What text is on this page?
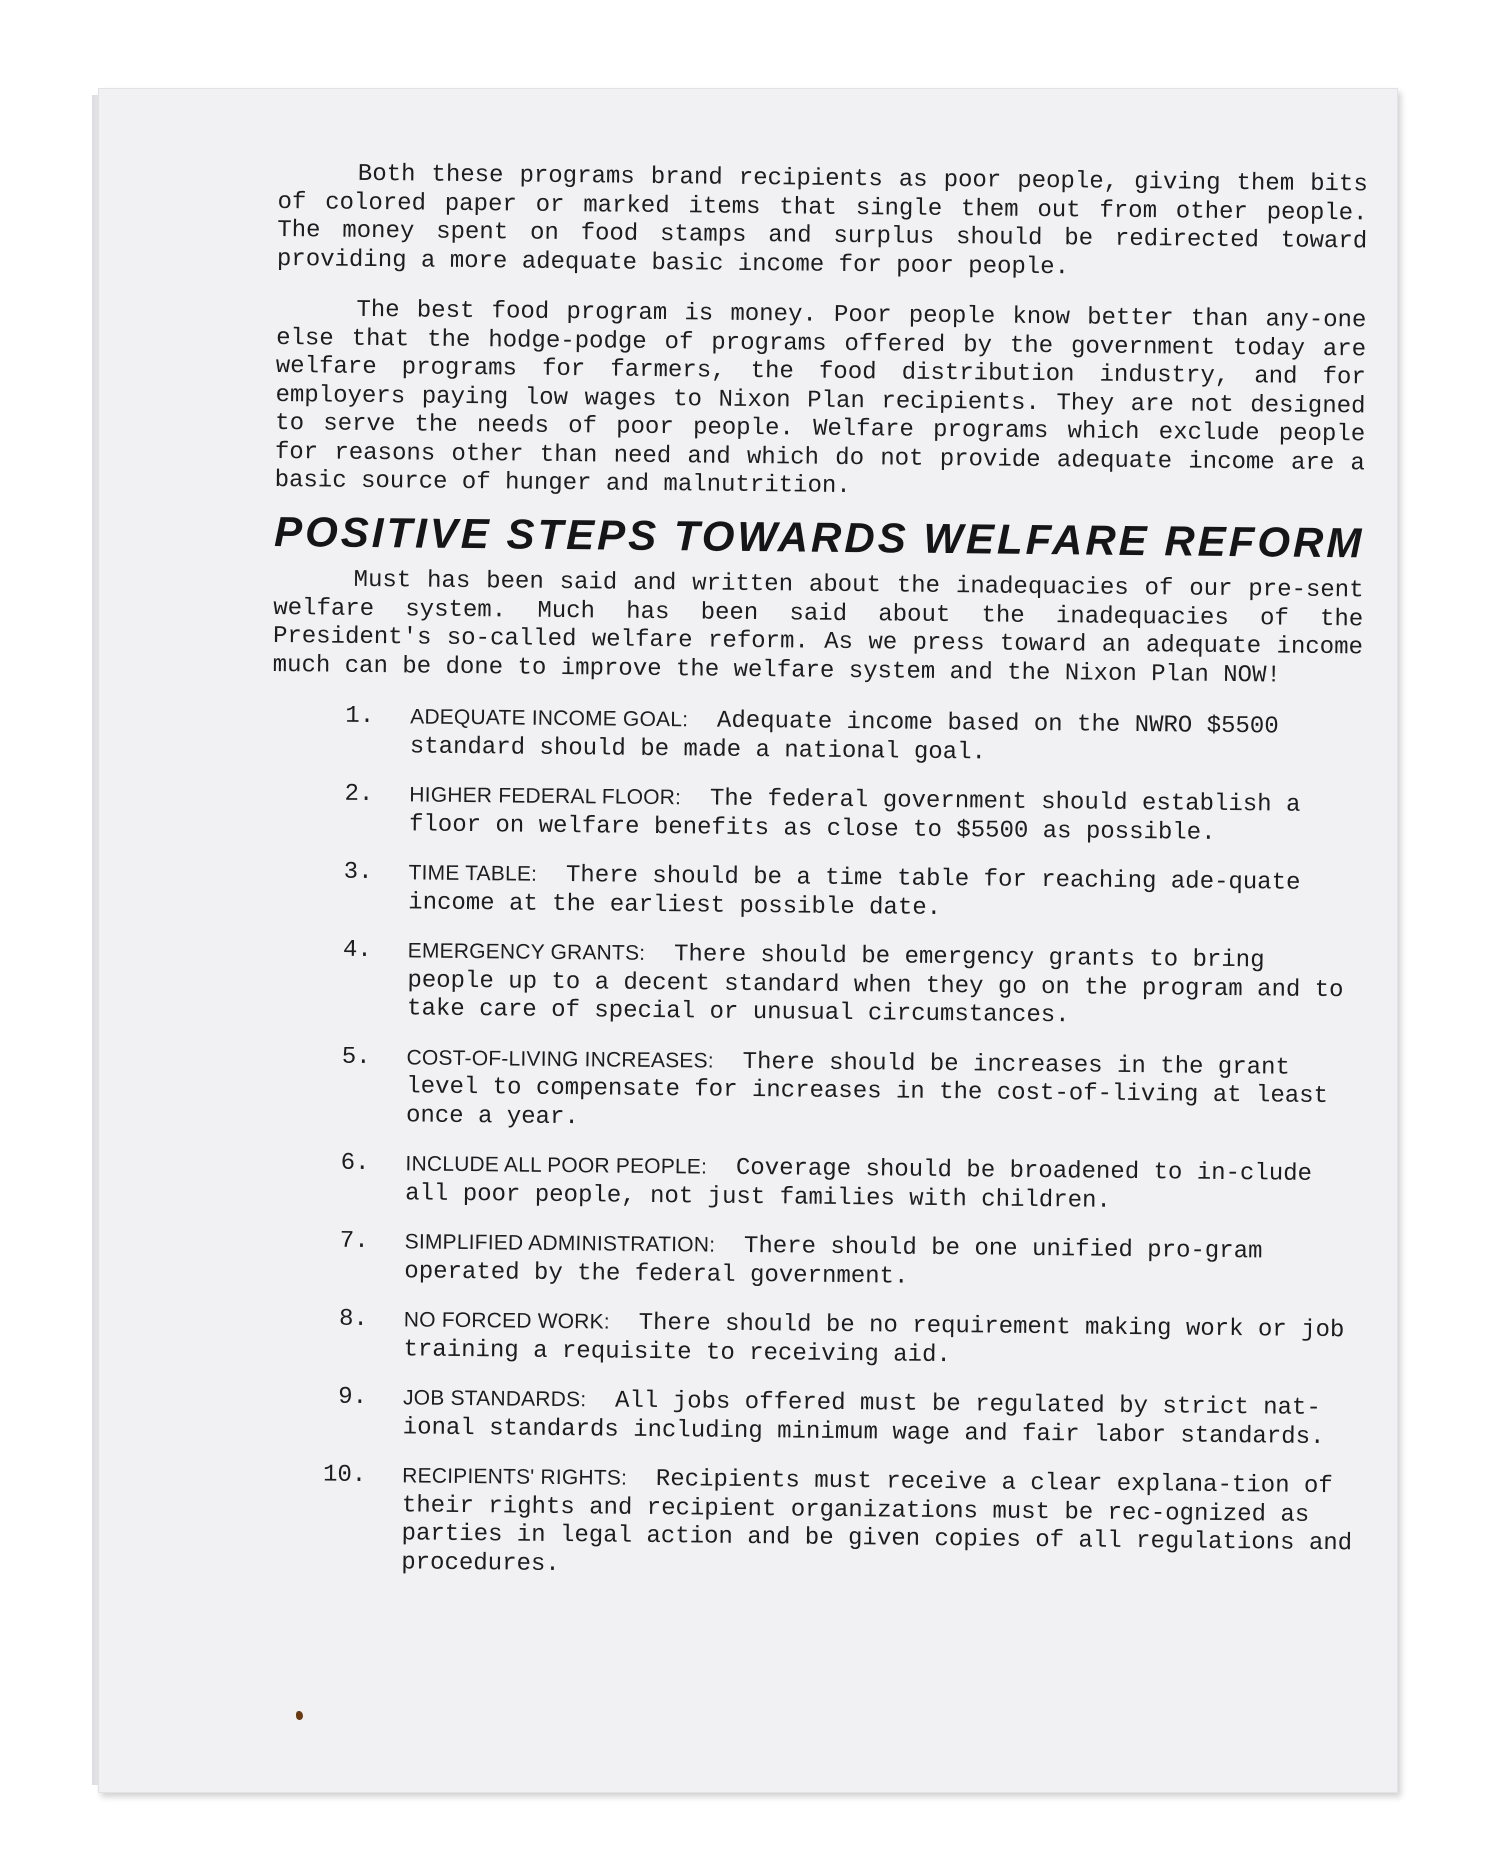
Both these programs brand recipients as poor people, giving them bits of colored paper or marked items that single them out from other people. The money spent on food stamps and surplus should be redirected toward providing a more adequate basic income for poor people.

The best food program is money. Poor people know better than any-one else that the hodge-podge of programs offered by the government today are welfare programs for farmers, the food distribution industry, and for employers paying low wages to Nixon Plan recipients. They are not designed to serve the needs of poor people. Welfare programs which exclude people for reasons other than need and which do not provide adequate income are a basic source of hunger and malnutrition.

POSITIVE STEPS TOWARDS WELFARE REFORM

Must has been said and written about the inadequacies of our pre-sent welfare system. Much has been said about the inadequacies of the President's so-called welfare reform. As we press toward an adequate income much can be done to improve the welfare system and the Nixon Plan NOW!

1.	ADEQUATE INCOME GOAL: Adequate income based on the NWRO $5500 standard should be made a national goal.
2.	HIGHER FEDERAL FLOOR: The federal government should establish a floor on welfare benefits as close to $5500 as possible.
3.	TIME TABLE: There should be a time table for reaching ade-quate income at the earliest possible date.
4.	EMERGENCY GRANTS: There should be emergency grants to bring people up to a decent standard when they go on the program and to take care of special or unusual circumstances.
5.	COST-OF-LIVING INCREASES: There should be increases in the grant level to compensate for increases in the cost-of-living at least once a year.
6.	INCLUDE ALL POOR PEOPLE: Coverage should be broadened to in-clude all poor people, not just families with children.
7.	SIMPLIFIED ADMINISTRATION: There should be one unified pro-gram operated by the federal government.
8.	NO FORCED WORK: There should be no requirement making work or job training a requisite to receiving aid.
9.	JOB STANDARDS: All jobs offered must be regulated by strict nat-ional standards including minimum wage and fair labor standards.
10.	RECIPIENTS' RIGHTS: Recipients must receive a clear explana-tion of their rights and recipient organizations must be rec-ognized as parties in legal action and be given copies of all regulations and procedures.
